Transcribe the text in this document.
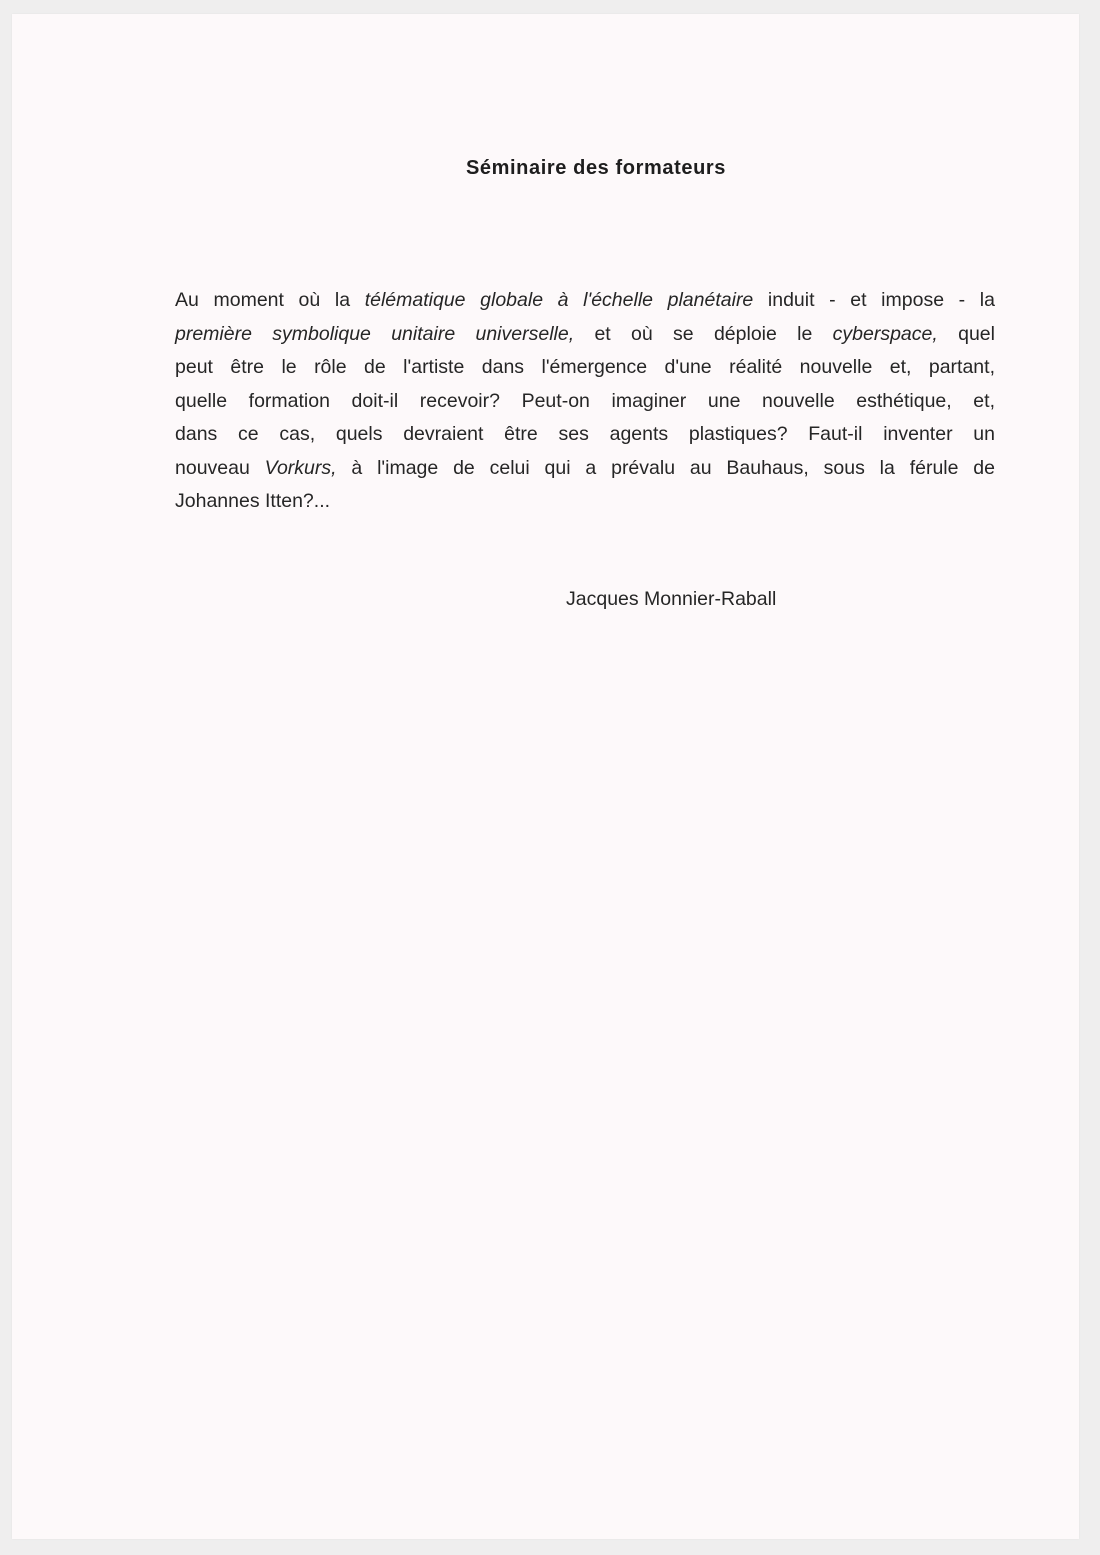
Séminaire des formateurs

Au moment où la télématique globale à l'échelle planétaire induit - et impose - la
première symbolique unitaire universelle, et où se déploie le cyberspace, quel
peut être le rôle de l'artiste dans l'émergence d'une réalité nouvelle et, partant,
quelle formation doit-il recevoir? Peut-on imaginer une nouvelle esthétique, et,
dans ce cas, quels devraient être ses agents plastiques? Faut-il inventer un
nouveau Vorkurs, à l'image de celui qui a prévalu au Bauhaus, sous la férule de
Johannes Itten?...

Jacques Monnier-Raball
